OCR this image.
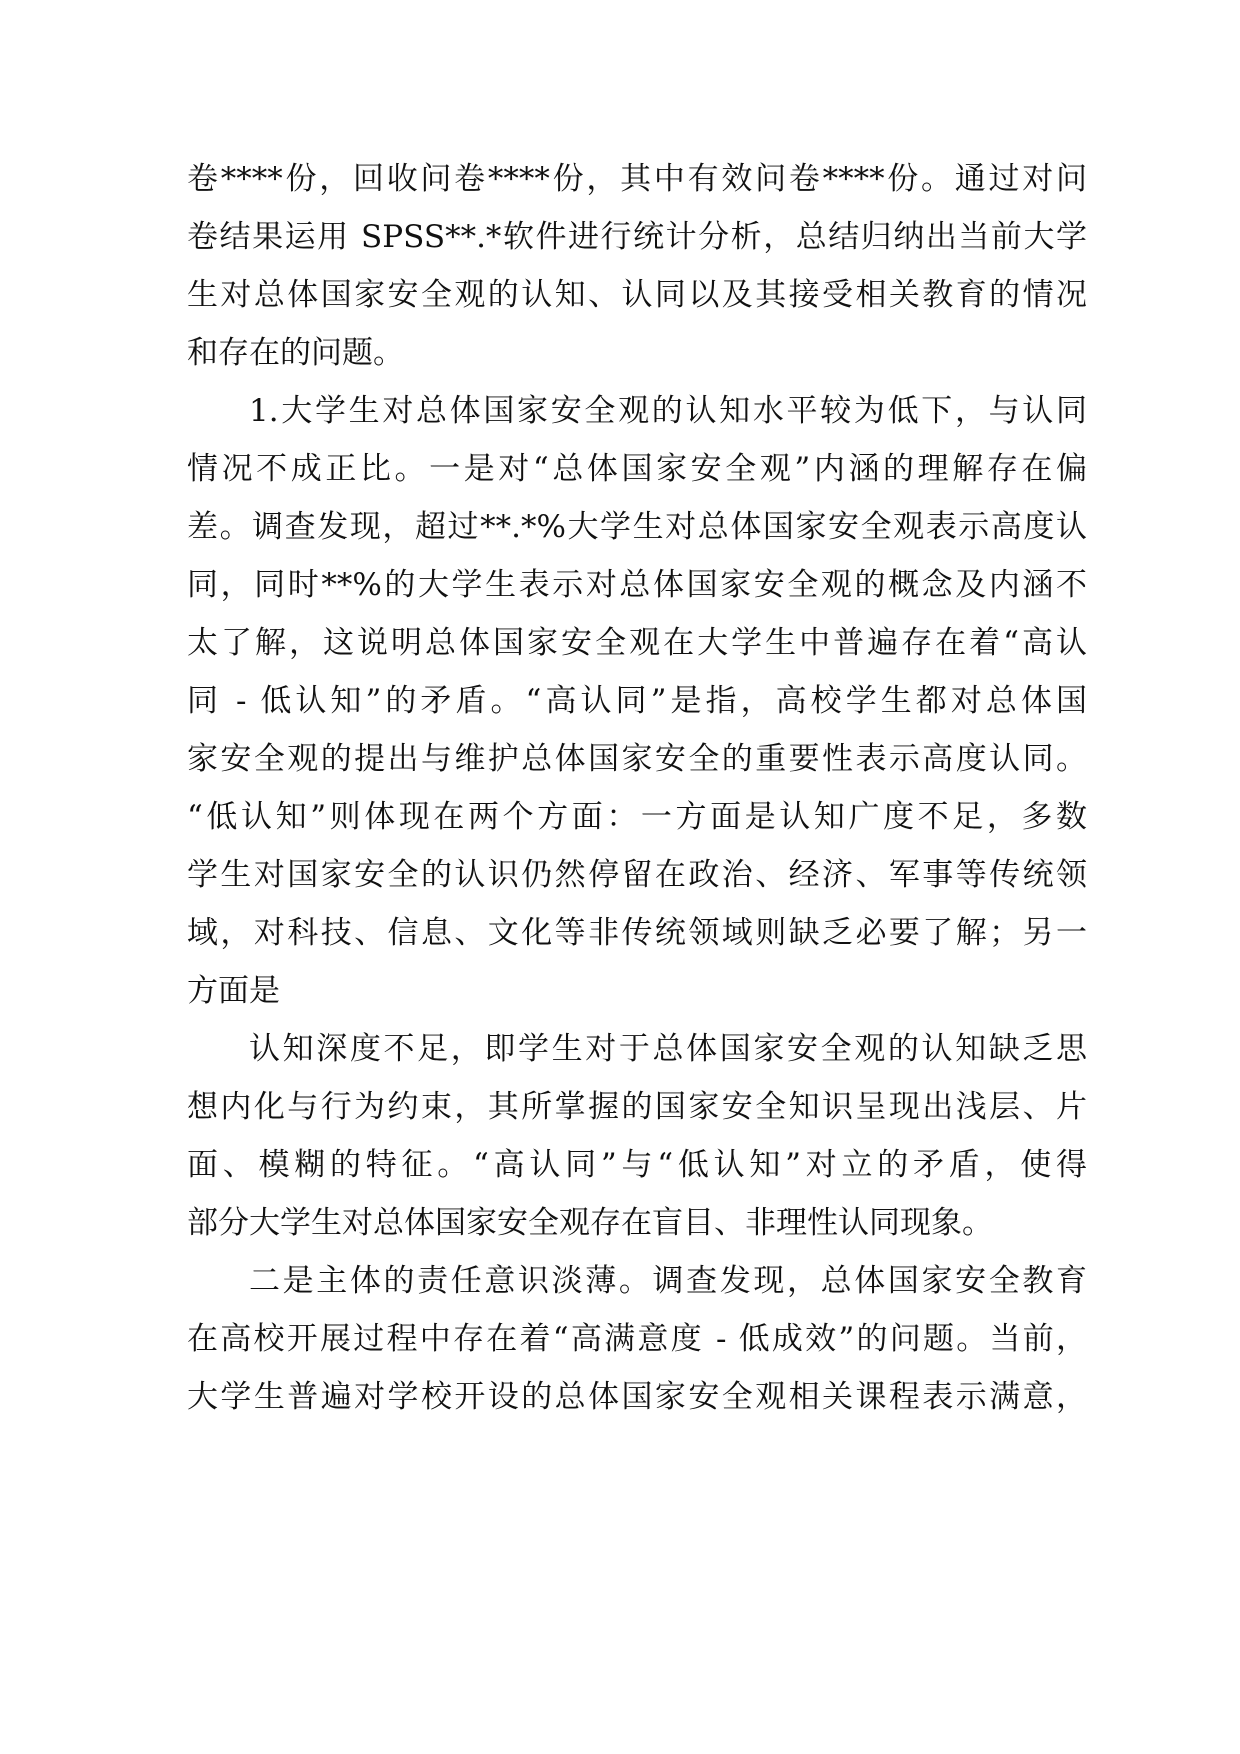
卷****份，回收问卷****份，其中有效问卷****份。通过对问
卷结果运用 SPSS**.*软件进行统计分析，总结归纳出当前大学
生对总体国家安全观的认知、认同以及其接受相关教育的情况
和存在的问题。
1.大学生对总体国家安全观的认知水平较为低下，与认同
情况不成正比。一是对“总体国家安全观”内涵的理解存在偏
差。调查发现，超过**.*%大学生对总体国家安全观表示高度认
同，同时**%的大学生表示对总体国家安全观的概念及内涵不
太了解，这说明总体国家安全观在大学生中普遍存在着“高认
同 - 低认知”的矛盾。“高认同”是指，高校学生都对总体国
家安全观的提出与维护总体国家安全的重要性表示高度认同。
“低认知”则体现在两个方面：一方面是认知广度不足，多数
学生对国家安全的认识仍然停留在政治、经济、军事等传统领
域，对科技、信息、文化等非传统领域则缺乏必要了解；另一
方面是
认知深度不足，即学生对于总体国家安全观的认知缺乏思
想内化与行为约束，其所掌握的国家安全知识呈现出浅层、片
面、模糊的特征。“高认同”与“低认知”对立的矛盾，使得
部分大学生对总体国家安全观存在盲目、非理性认同现象。
二是主体的责任意识淡薄。调查发现，总体国家安全教育
在高校开展过程中存在着“高满意度 - 低成效”的问题。当前，
大学生普遍对学校开设的总体国家安全观相关课程表示满意，
